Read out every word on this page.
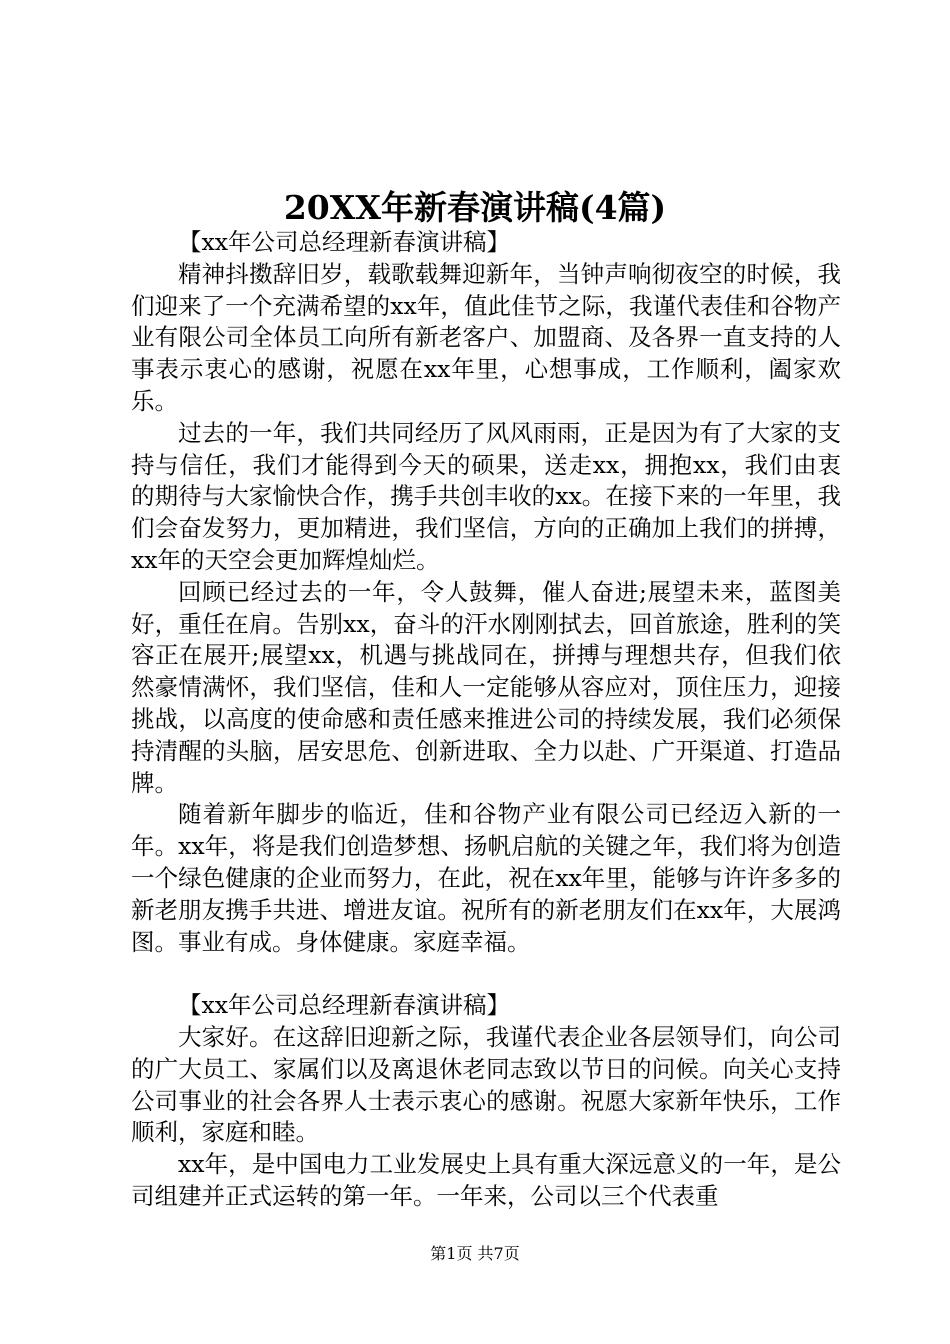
20XX年新春演讲稿(4篇)

【xx年公司总经理新春演讲稿】

精神抖擞辞旧岁，载歌载舞迎新年，当钟声响彻夜空的时候，我们迎来了一个充满希望的xx年，值此佳节之际，我谨代表佳和谷物产业有限公司全体员工向所有新老客户、加盟商、及各界一直支持的人事表示衷心的感谢，祝愿在xx年里，心想事成，工作顺利，阖家欢乐。

过去的一年，我们共同经历了风风雨雨，正是因为有了大家的支持与信任，我们才能得到今天的硕果，送走xx，拥抱xx，我们由衷的期待与大家愉快合作，携手共创丰收的xx。在接下来的一年里，我们会奋发努力，更加精进，我们坚信，方向的正确加上我们的拼搏，xx年的天空会更加辉煌灿烂。

回顾已经过去的一年，令人鼓舞，催人奋进;展望未来，蓝图美好，重任在肩。告别xx，奋斗的汗水刚刚拭去，回首旅途，胜利的笑容正在展开;展望xx，机遇与挑战同在，拼搏与理想共存，但我们依然豪情满怀，我们坚信，佳和人一定能够从容应对，顶住压力，迎接挑战，以高度的使命感和责任感来推进公司的持续发展，我们必须保持清醒的头脑，居安思危、创新进取、全力以赴、广开渠道、打造品牌。

随着新年脚步的临近，佳和谷物产业有限公司已经迈入新的一年。xx年，将是我们创造梦想、扬帆启航的关键之年，我们将为创造一个绿色健康的企业而努力，在此，祝在xx年里，能够与许许多多的新老朋友携手共进、增进友谊。祝所有的新老朋友们在xx年，大展鸿图。事业有成。身体健康。家庭幸福。

【xx年公司总经理新春演讲稿】

大家好。在这辞旧迎新之际，我谨代表企业各层领导们，向公司的广大员工、家属们以及离退休老同志致以节日的问候。向关心支持公司事业的社会各界人士表示衷心的感谢。祝愿大家新年快乐，工作顺利，家庭和睦。

xx年，是中国电力工业发展史上具有重大深远意义的一年，是公司组建并正式运转的第一年。一年来，公司以三个代表重

第1页 共7页
